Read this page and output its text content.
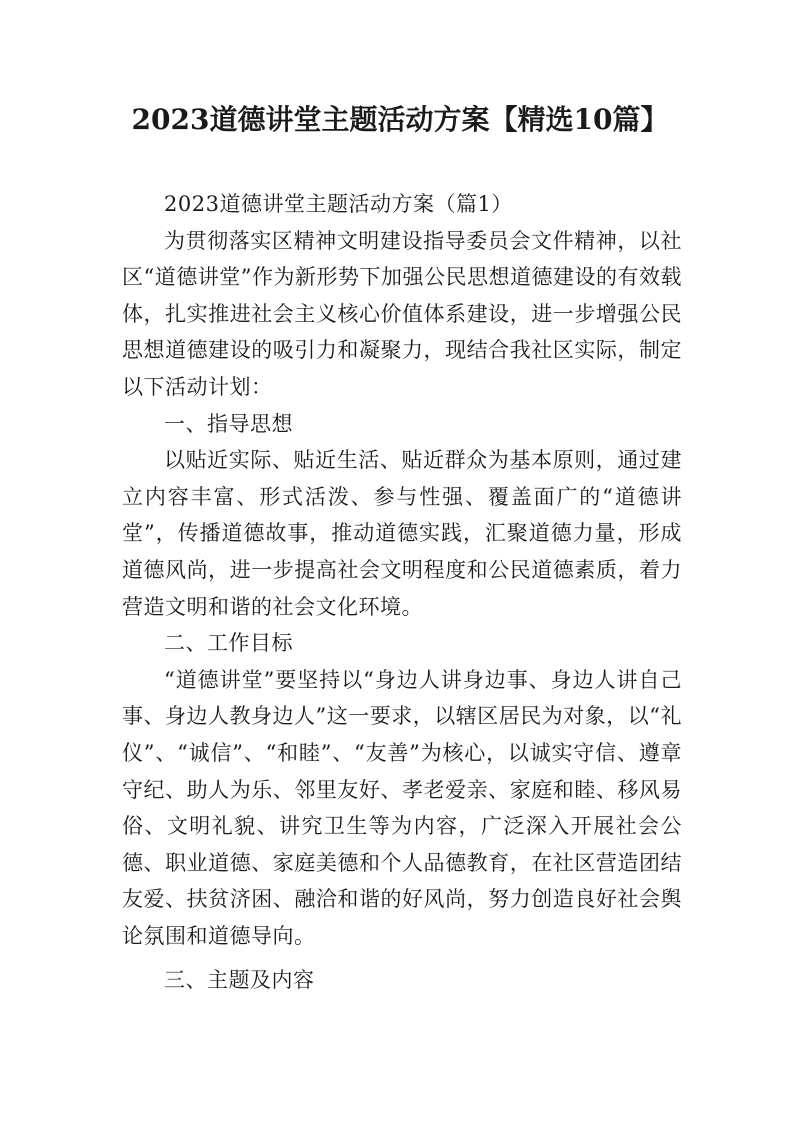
2023道德讲堂主题活动方案【精选10篇】

2023道德讲堂主题活动方案（篇1）

为贯彻落实区精神文明建设指导委员会文件精神，以社区“道德讲堂”作为新形势下加强公民思想道德建设的有效载体，扎实推进社会主义核心价值体系建设，进一步增强公民思想道德建设的吸引力和凝聚力，现结合我社区实际，制定以下活动计划：

一、指导思想

以贴近实际、贴近生活、贴近群众为基本原则，通过建立内容丰富、形式活泼、参与性强、覆盖面广的“道德讲堂”，传播道德故事，推动道德实践，汇聚道德力量，形成道德风尚，进一步提高社会文明程度和公民道德素质，着力营造文明和谐的社会文化环境。

二、工作目标

“道德讲堂”要坚持以“身边人讲身边事、身边人讲自己事、身边人教身边人”这一要求，以辖区居民为对象，以“礼仪”、“诚信”、“和睦”、“友善”为核心，以诚实守信、遵章守纪、助人为乐、邻里友好、孝老爱亲、家庭和睦、移风易俗、文明礼貌、讲究卫生等为内容，广泛深入开展社会公德、职业道德、家庭美德和个人品德教育，在社区营造团结友爱、扶贫济困、融洽和谐的好风尚，努力创造良好社会舆论氛围和道德导向。

三、主题及内容
